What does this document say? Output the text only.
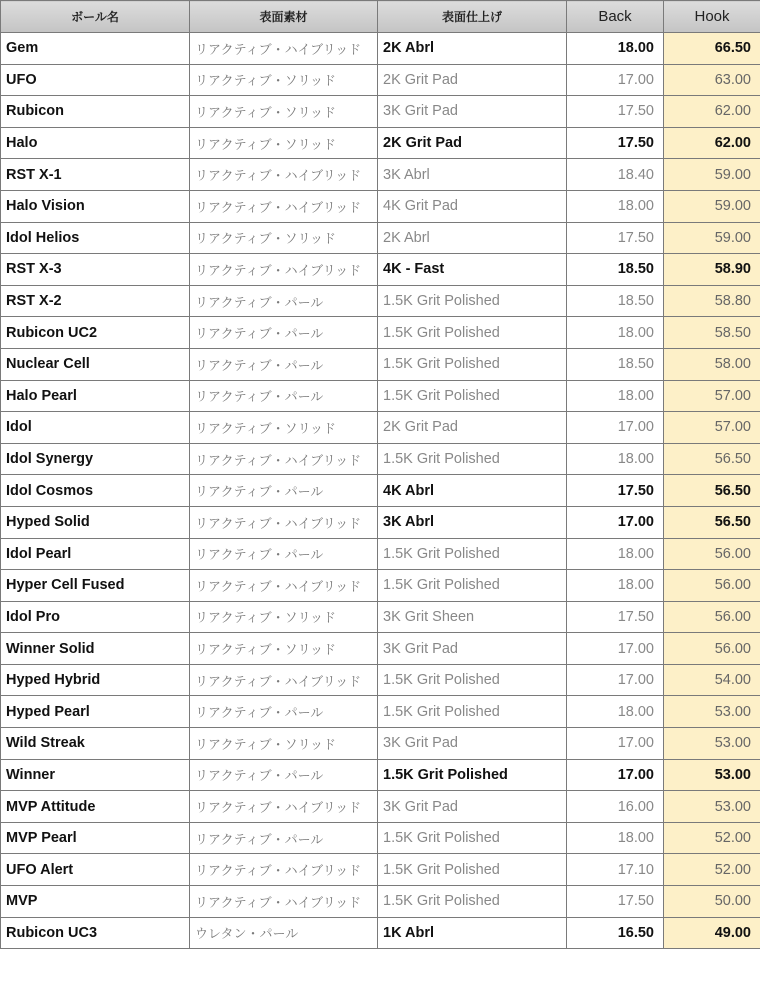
ボール名	表面素材	表面仕上げ	Back	Hook
Gem	リアクティブ・ハイブリッド	2K Abrl	18.00	66.50
UFO	リアクティブ・ソリッド	2K Grit Pad	17.00	63.00
Rubicon	リアクティブ・ソリッド	3K Grit Pad	17.50	62.00
Halo	リアクティブ・ソリッド	2K Grit Pad	17.50	62.00
RST X-1	リアクティブ・ハイブリッド	3K Abrl	18.40	59.00
Halo Vision	リアクティブ・ハイブリッド	4K Grit Pad	18.00	59.00
Idol Helios	リアクティブ・ソリッド	2K Abrl	17.50	59.00
RST X-3	リアクティブ・ハイブリッド	4K - Fast	18.50	58.90
RST X-2	リアクティブ・パール	1.5K Grit Polished	18.50	58.80
Rubicon UC2	リアクティブ・パール	1.5K Grit Polished	18.00	58.50
Nuclear Cell	リアクティブ・パール	1.5K Grit Polished	18.50	58.00
Halo Pearl	リアクティブ・パール	1.5K Grit Polished	18.00	57.00
Idol	リアクティブ・ソリッド	2K Grit Pad	17.00	57.00
Idol Synergy	リアクティブ・ハイブリッド	1.5K Grit Polished	18.00	56.50
Idol Cosmos	リアクティブ・パール	4K Abrl	17.50	56.50
Hyped Solid	リアクティブ・ハイブリッド	3K Abrl	17.00	56.50
Idol Pearl	リアクティブ・パール	1.5K Grit Polished	18.00	56.00
Hyper Cell Fused	リアクティブ・ハイブリッド	1.5K Grit Polished	18.00	56.00
Idol Pro	リアクティブ・ソリッド	3K Grit Sheen	17.50	56.00
Winner Solid	リアクティブ・ソリッド	3K Grit Pad	17.00	56.00
Hyped Hybrid	リアクティブ・ハイブリッド	1.5K Grit Polished	17.00	54.00
Hyped Pearl	リアクティブ・パール	1.5K Grit Polished	18.00	53.00
Wild Streak	リアクティブ・ソリッド	3K Grit Pad	17.00	53.00
Winner	リアクティブ・パール	1.5K Grit Polished	17.00	53.00
MVP Attitude	リアクティブ・ハイブリッド	3K Grit Pad	16.00	53.00
MVP Pearl	リアクティブ・パール	1.5K Grit Polished	18.00	52.00
UFO Alert	リアクティブ・ハイブリッド	1.5K Grit Polished	17.10	52.00
MVP	リアクティブ・ハイブリッド	1.5K Grit Polished	17.50	50.00
Rubicon UC3	ウレタン・パール	1K Abrl	16.50	49.00
